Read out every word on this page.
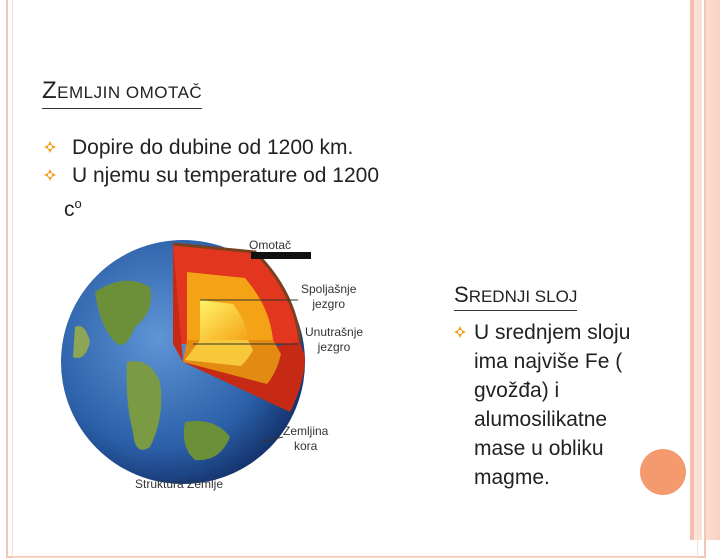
ZEMLJIN OMOTAČ
Dopire do dubine od 1200 km.
U njemu su temperature od 1200
$c^o$
Omotač
Spoljašnje
jezgro
Unutrašnje
jezgro
Zemljina
kora
Struktura Zemlje
SREDNJI SLOJ
U srednjem sloju
ima najviše Fe (
gvožđa) i
alumosilikatne
mase u obliku
magme.
